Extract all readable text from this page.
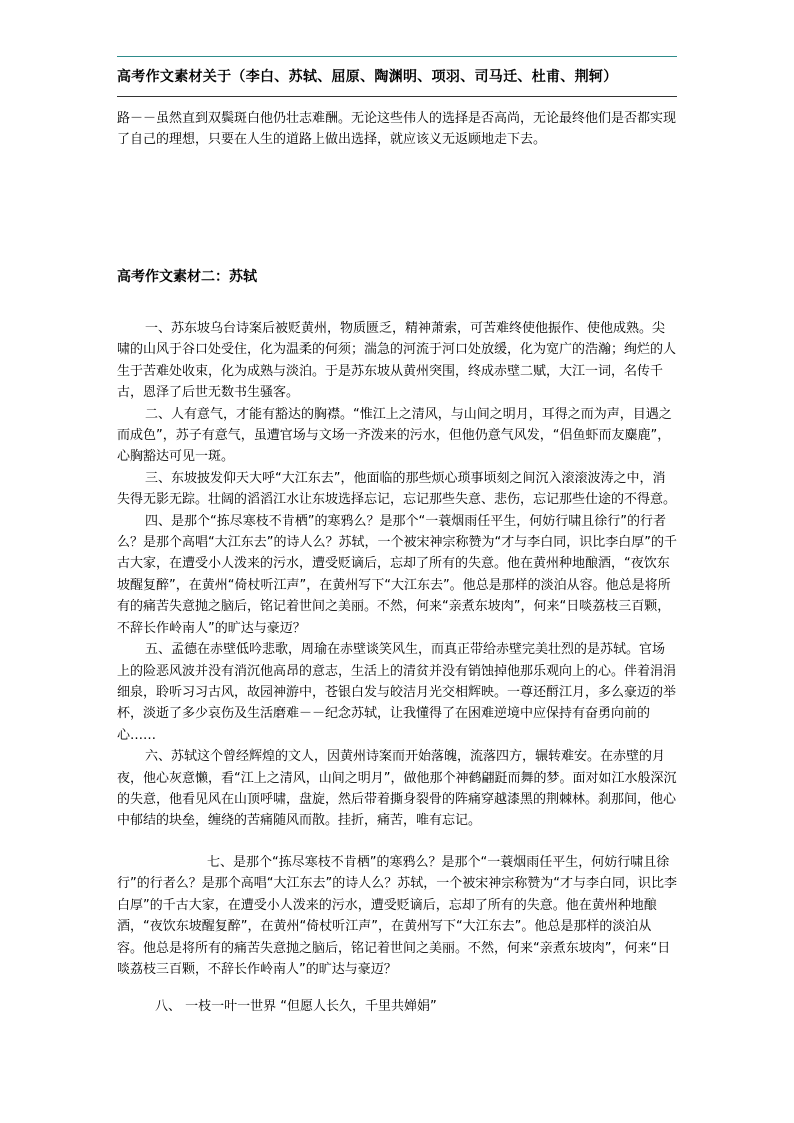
高考作文素材关于（李白、苏轼、屈原、陶渊明、项羽、司马迁、杜甫、荆轲）
路－－虽然直到双鬓斑白他仍壮志难酬。无论这些伟人的选择是否高尚，无论最终他们是否都实现了自己的理想，只要在人生的道路上做出选择，就应该义无返顾地走下去。
高考作文素材二：苏轼

一、苏东坡乌台诗案后被贬黄州，物质匮乏，精神萧索，可苦难终使他振作、使他成熟。尖啸的山风于谷口处受住，化为温柔的何须；湍急的河流于河口处放缓，化为宽广的浩瀚；绚烂的人生于苦难处收束，化为成熟与淡泊。于是苏东坡从黄州突围，终成赤壁二赋，大江一词，名传千古，恩泽了后世无数书生骚客。

二、人有意气，才能有豁达的胸襟。“惟江上之清风，与山间之明月，耳得之而为声，目遇之而成色”，苏子有意气，虽遭官场与文场一齐泼来的污水，但他仍意气风发，“侣鱼虾而友麋鹿”，心胸豁达可见一斑。

三、东坡披发仰天大呼“大江东去”，他面临的那些烦心琐事顷刻之间沉入滚滚波涛之中，消失得无影无踪。壮阔的滔滔江水让东坡选择忘记，忘记那些失意、悲伤，忘记那些仕途的不得意。

四、是那个“拣尽寒枝不肯栖”的寒鸦么？是那个“一蓑烟雨任平生，何妨行啸且徐行”的行者么？是那个高唱“大江东去”的诗人么？苏轼，一个被宋神宗称赞为“才与李白同，识比李白厚”的千古大家，在遭受小人泼来的污水，遭受贬谪后，忘却了所有的失意。他在黄州种地酿酒，“夜饮东坡醒复醉”，在黄州“倚杖听江声”，在黄州写下“大江东去”。他总是那样的淡泊从容。他总是将所有的痛苦失意抛之脑后，铭记着世间之美丽。不然，何来“亲煮东坡肉”，何来“日啖荔枝三百颗，不辞长作岭南人”的旷达与豪迈？

五、孟德在赤壁低吟悲歌，周瑜在赤壁谈笑风生，而真正带给赤壁完美壮烈的是苏轼。官场上的险恶风波并没有消沉他高昂的意志，生活上的清贫并没有销蚀掉他那乐观向上的心。伴着涓涓细泉，聆听习习古风，故园神游中，苍银白发与皎洁月光交相辉映。一尊还酹江月，多么豪迈的举杯，淡逝了多少哀伤及生活磨难－－纪念苏轼，让我懂得了在困难逆境中应保持有奋勇向前的心……

六、苏轼这个曾经辉煌的文人，因黄州诗案而开始落魄，流落四方，辗转难安。在赤壁的月夜，他心灰意懒，看“江上之清风，山间之明月”，做他那个神鹤翩跹而舞的梦。面对如江水般深沉的失意，他看见风在山顶呼啸，盘旋，然后带着撕身裂骨的阵痛穿越漆黑的荆棘林。刹那间，他心中郁结的块垒，缠绕的苦痛随风而散。挂折，痛苦，唯有忘记。

七、是那个“拣尽寒枝不肯栖”的寒鸦么？是那个“一蓑烟雨任平生，何妨行啸且徐行”的行者么？是那个高唱“大江东去”的诗人么？苏轼，一个被宋神宗称赞为“才与李白同，识比李白厚”的千古大家，在遭受小人泼来的污水，遭受贬谪后，忘却了所有的失意。他在黄州种地酿酒，“夜饮东坡醒复醉”，在黄州“倚杖听江声”，在黄州写下“大江东去”。他总是那样的淡泊从容。他总是将所有的痛苦失意抛之脑后，铭记着世间之美丽。不然，何来“亲煮东坡肉”，何来“日啖荔枝三百颗，不辞长作岭南人”的旷达与豪迈？

八、 一枝一叶一世界 “但愿人长久，千里共婵娟”
